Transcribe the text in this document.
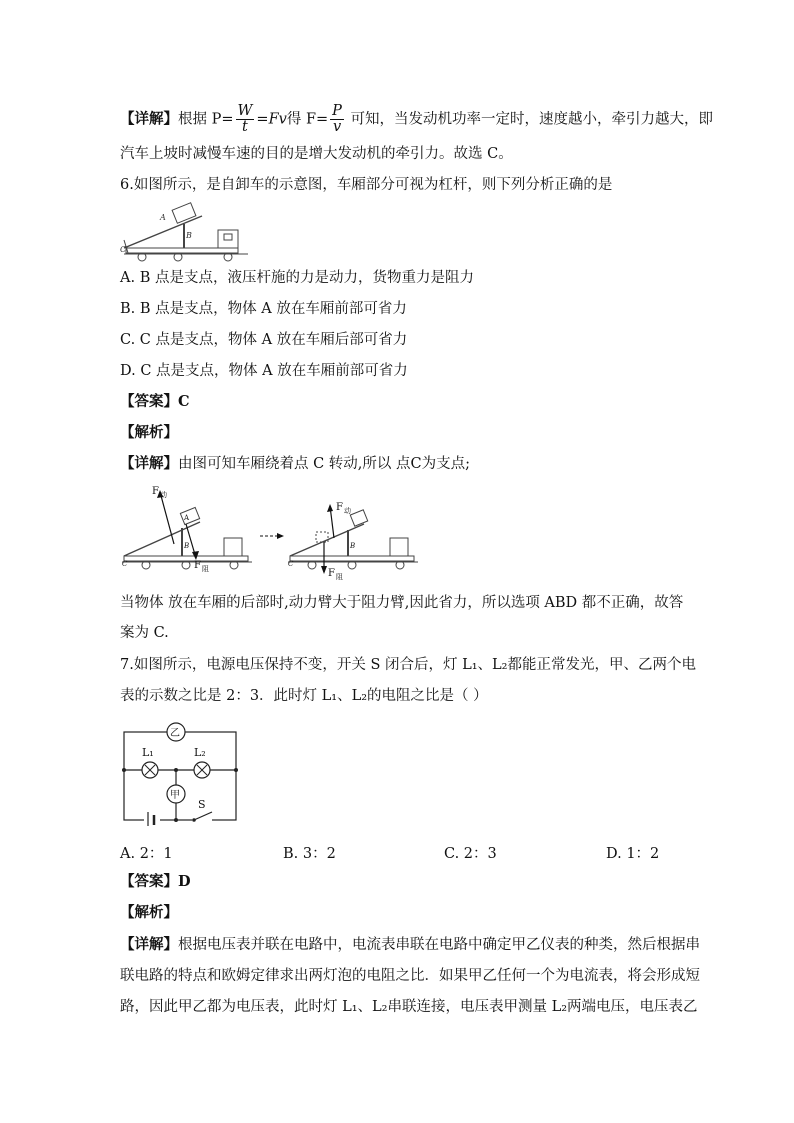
【详解】根据 $P= \frac{W}{t} =Fv$得 $F= \frac{P}{v}$ 可知，当发动机功率一定时，速度越小，牵引力越大，即
汽车上坡时减慢车速的目的是增大发动机的牵引力。故选 C。
6.如图所示，是自卸车的示意图，车厢部分可视为杠杆，则下列分析正确的是
A
B
C
A. B 点是支点，液压杆施的力是动力，货物重力是阻力
B. B 点是支点，物体 A 放在车厢前部可省力
C. C 点是支点，物体 A 放在车厢后部可省力
D. C 点是支点，物体 A 放在车厢前部可省力
【答案】C
【解析】
【详解】由图可知车厢绕着点 C 转动,所以 点C为支点;
F 动
F 阻
A
B
C
F 动
F 阻
C
B
当物体 放在车厢的后部时,动力臂大于阻力臂,因此省力，所以选项 ABD 都不正确，故答
案为 C.
7.如图所示，电源电压保持不变，开关 S 闭合后，灯 L₁、L₂都能正常发光，甲、乙两个电
表的示数之比是 2：3．此时灯 L₁、L₂的电阻之比是（ ）
乙
L₁	L₂
甲
S
A. 2：1	B. 3：2	C. 2：3	D. 1：2
【答案】D
【解析】
【详解】根据电压表并联在电路中，电流表串联在电路中确定甲乙仪表的种类，然后根据串
联电路的特点和欧姆定律求出两灯泡的电阻之比．如果甲乙任何一个为电流表，将会形成短
路，因此甲乙都为电压表，此时灯 L₁、L₂串联连接，电压表甲测量 L₂两端电压，电压表乙
